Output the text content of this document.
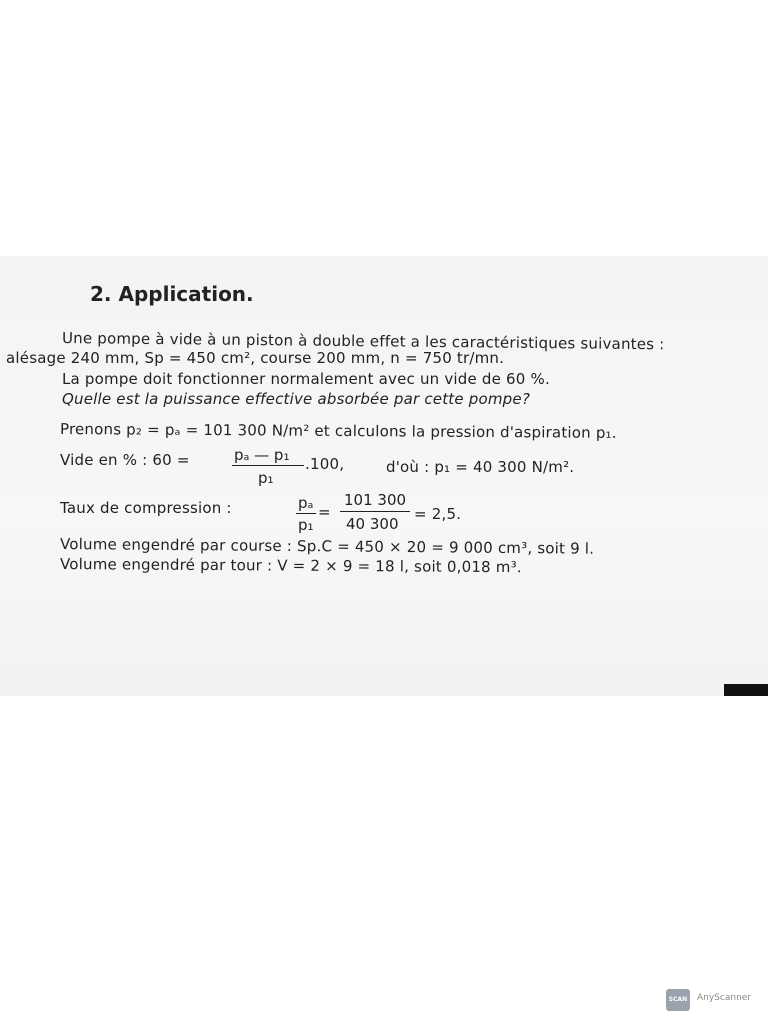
2. Application.
Une pompe à vide à un piston à double effet a les caractéristiques suivantes :
alésage 240 mm, Sp = 450 cm², course 200 mm, n = 750 tr/mn.
La pompe doit fonctionner normalement avec un vide de 60 %.
Quelle est la puissance effective absorbée par cette pompe?
Prenons p₂ = pₐ = 101 300 N/m² et calculons la pression d'aspiration p₁.
Vide en % : 60 =	pₐ — p₁
p₁
.100,	d'où : p₁ = 40 300 N/m².
Taux de compression :	pₐ
p₁
=
101 300
40 300
= 2,5.
Volume engendré par course : Sp.C = 450 × 20 = 9 000 cm³, soit 9 l.
Volume engendré par tour : V = 2 × 9 = 18 l, soit 0,018 m³.
SCAN	AnyScanner
